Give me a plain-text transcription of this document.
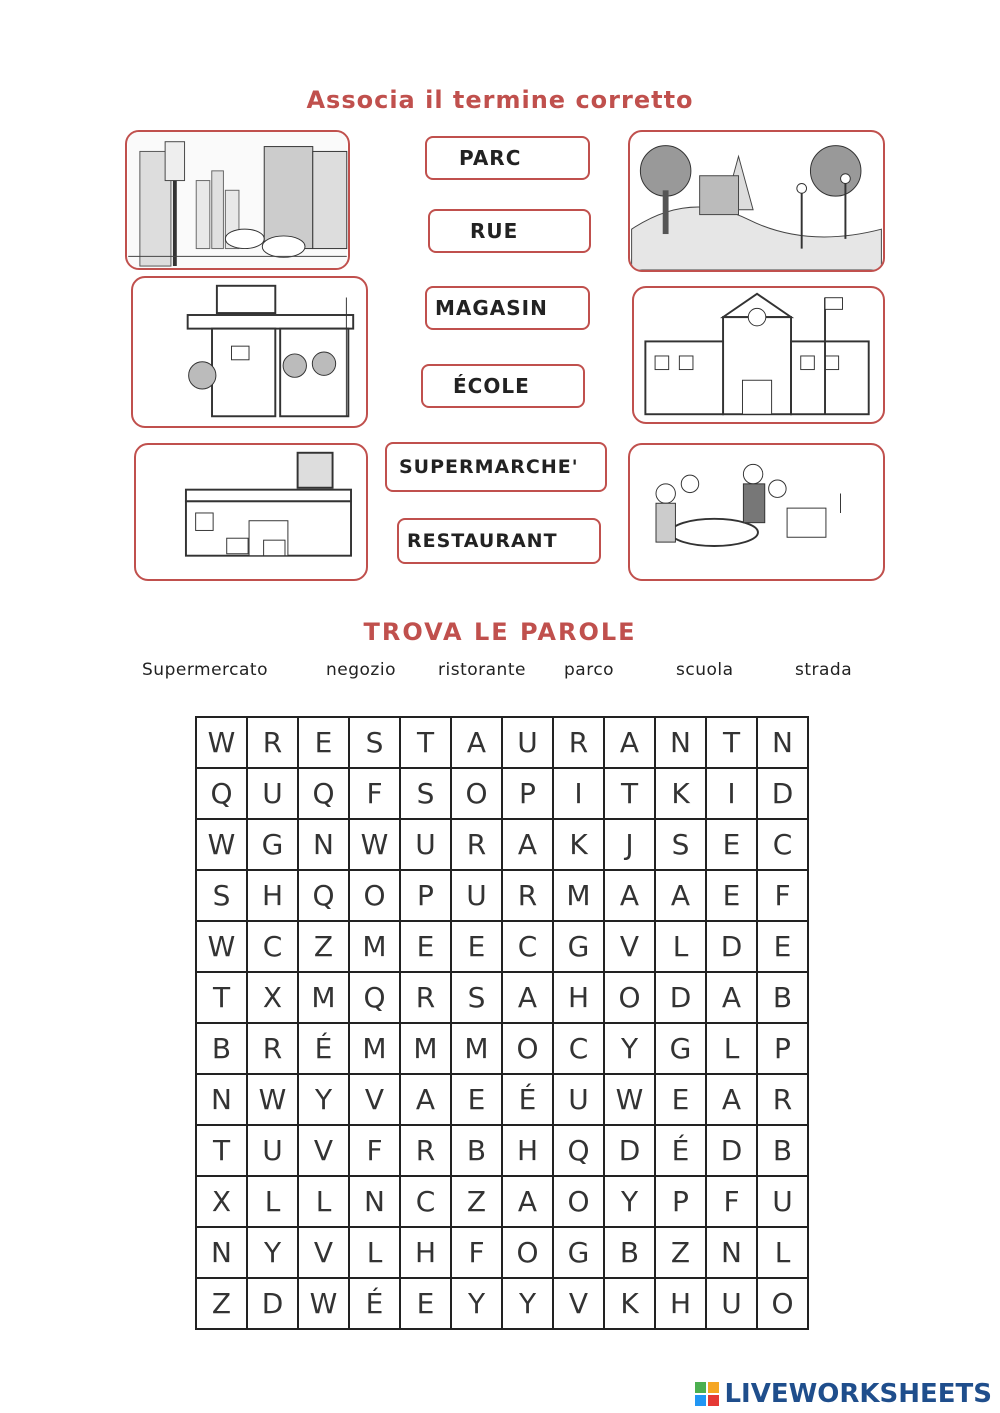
Associa il termine corretto
PARC
RUE
MAGASIN
ÉCOLE
SUPERMARCHE'
RESTAURANT
TROVA LE PAROLE
Supermercato	negozio ristorante parco	scuola	strada
W	R	E	S	T	A	U	R	A	N	T	N
Q	U	Q	F	S	O	P	I	T	K	I	D
W	G	N	W	U	R	A	K	J	S	E	C
S	H	Q	O	P	U	R	M	A	A	E	F
W	C	Z	M	E	E	C	G	V	L	D	E
T	X	M	Q	R	S	A	H	O	D	A	B
B	R	É	M	M	M	O	C	Y	G	L	P
N	W	Y	V	A	E	É	U	W	E	A	R
T	U	V	F	R	B	H	Q	D	É	D	B
X	L	L	N	C	Z	A	O	Y	P	F	U
N	Y	V	L	H	F	O	G	B	Z	N	L
Z	D	W	É	E	Y	Y	V	K	H	U	O
LIVEWORKSHEETS
